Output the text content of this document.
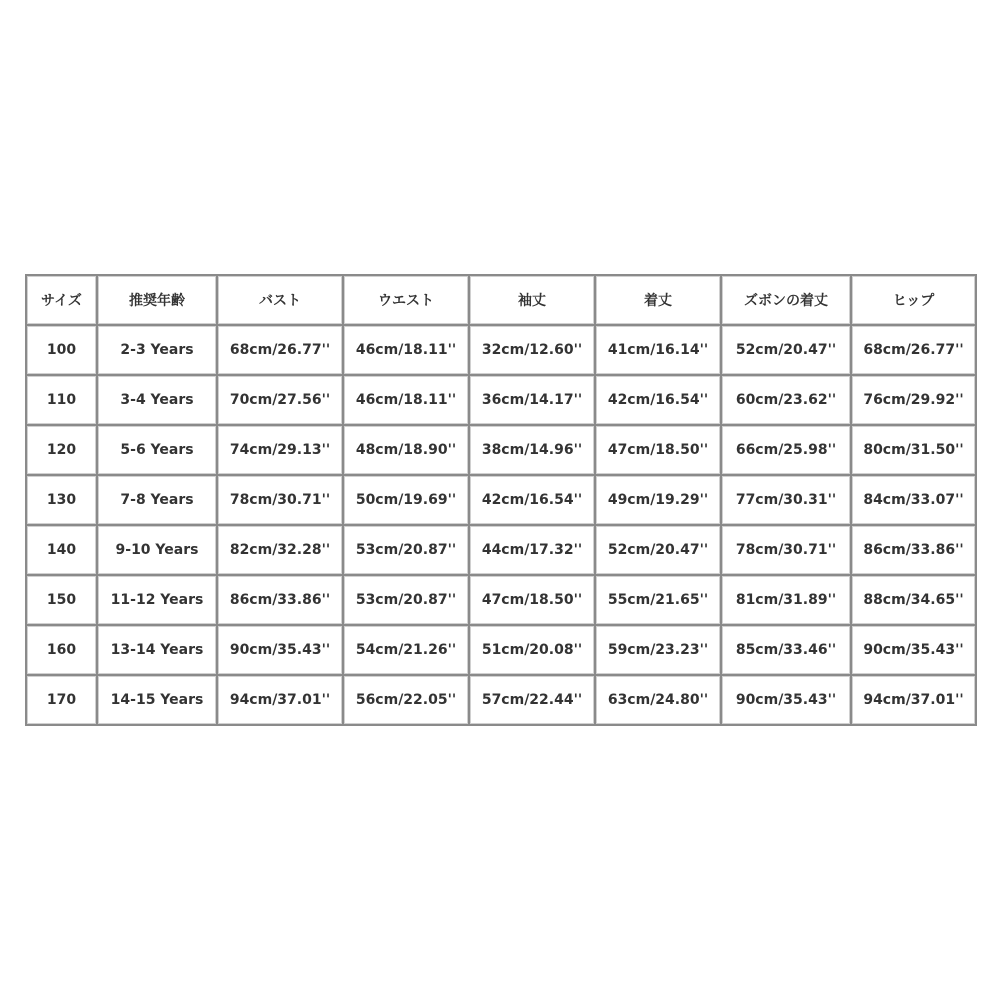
サイズ	推奨年齢	バスト	ウエスト	袖丈	着丈	ズボンの着丈	ヒップ
100	2-3 Years	68cm/26.77''	46cm/18.11''	32cm/12.60''	41cm/16.14''	52cm/20.47''	68cm/26.77''
110	3-4 Years	70cm/27.56''	46cm/18.11''	36cm/14.17''	42cm/16.54''	60cm/23.62''	76cm/29.92''
120	5-6 Years	74cm/29.13''	48cm/18.90''	38cm/14.96''	47cm/18.50''	66cm/25.98''	80cm/31.50''
130	7-8 Years	78cm/30.71''	50cm/19.69''	42cm/16.54''	49cm/19.29''	77cm/30.31''	84cm/33.07''
140	9-10 Years	82cm/32.28''	53cm/20.87''	44cm/17.32''	52cm/20.47''	78cm/30.71''	86cm/33.86''
150	11-12 Years	86cm/33.86''	53cm/20.87''	47cm/18.50''	55cm/21.65''	81cm/31.89''	88cm/34.65''
160	13-14 Years	90cm/35.43''	54cm/21.26''	51cm/20.08''	59cm/23.23''	85cm/33.46''	90cm/35.43''
170	14-15 Years	94cm/37.01''	56cm/22.05''	57cm/22.44''	63cm/24.80''	90cm/35.43''	94cm/37.01''
